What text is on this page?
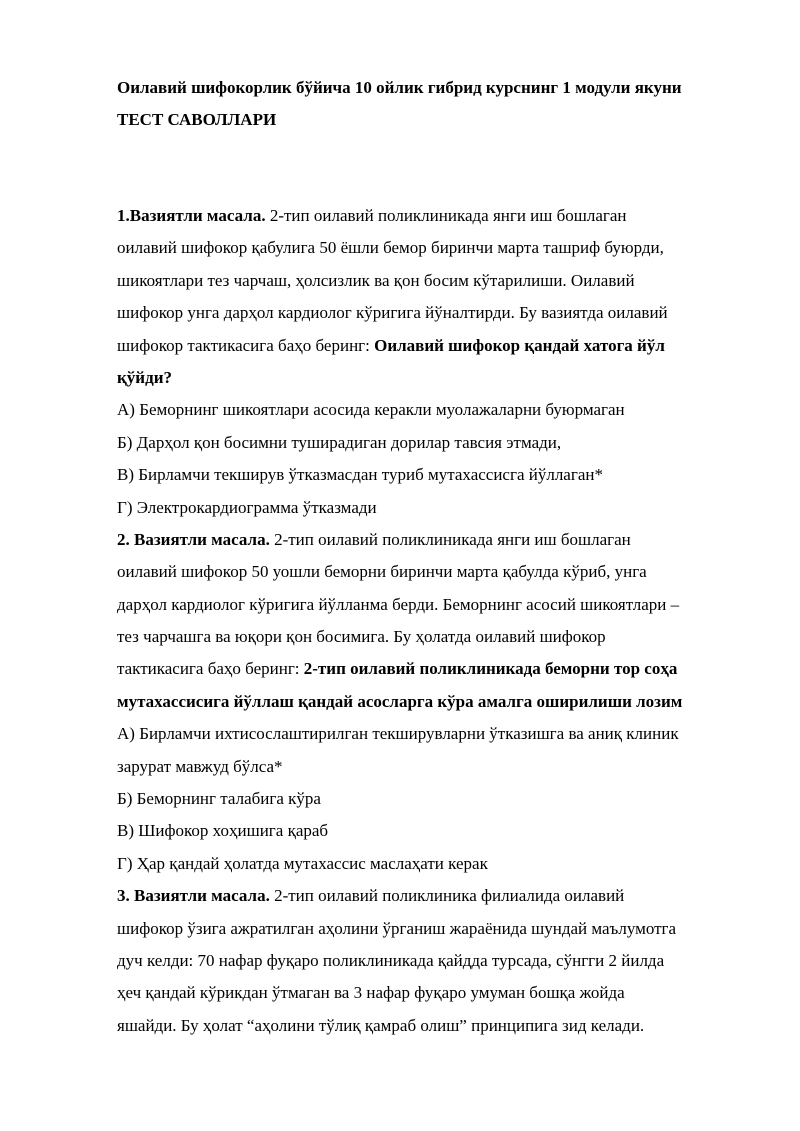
Оилавий шифокорлик бўйича 10 ойлик гибрид курснинг 1 модули якуни
ТЕСТ САВОЛЛАРИ
1.Вазиятли масала. 2-тип оилавий поликлиникада янги иш бошлаган
оилавий шифокор қабулига 50 ёшли бемор биринчи марта ташриф буюрди,
шикоятлари тез чарчаш, ҳолсизлик ва қон босим кўтарилиши. Оилавий
шифокор унга дарҳол кардиолог кўригига йўналтирди. Бу вазиятда оилавий
шифокор тактикасига баҳо беринг: Оилавий шифокор қандай хатога йўл
қўйди?
А) Беморнинг шикоятлари асосида керакли муолажаларни буюрмаган
Б) Дарҳол қон босимни туширадиган дорилар тавсия этмади,
В) Бирламчи текширув ўтказмасдан туриб мутахассисга йўллаган*
Г) Электрокардиограмма ўтказмади
2. Вазиятли масала. 2-тип оилавий поликлиникада янги иш бошлаган
оилавий шифокор 50 уошли беморни биринчи марта қабулда кўриб, унга
дарҳол кардиолог кўригига йўлланма берди. Беморнинг асосий шикоятлари –
тез чарчашга ва юқори қон босимига. Бу ҳолатда оилавий шифокор
тактикасига баҳо беринг: 2-тип оилавий поликлиникада беморни тор соҳа
мутахассисига йўллаш қандай асосларга кўра амалга оширилиши лозим
А) Бирламчи ихтисослаштирилган текширувларни ўтказишга ва аниқ клиник
зарурат мавжуд бўлса*
Б) Беморнинг талабига кўра
В) Шифокор хоҳишига қараб
Г) Ҳар қандай ҳолатда мутахассис маслаҳати керак
3. Вазиятли масала. 2-тип оилавий поликлиника филиалида оилавий
шифокор ўзига ажратилган аҳолини ўрганиш жараёнида шундай маълумотга
дуч келди: 70 нафар фуқаро поликлиникада қайдда турсада, сўнгги 2 йилда
ҳеч қандай кўрикдан ўтмаган ва 3 нафар фуқаро умуман бошқа жойда
яшайди. Бу ҳолат “аҳолини тўлиқ қамраб олиш” принципига зид келади.
